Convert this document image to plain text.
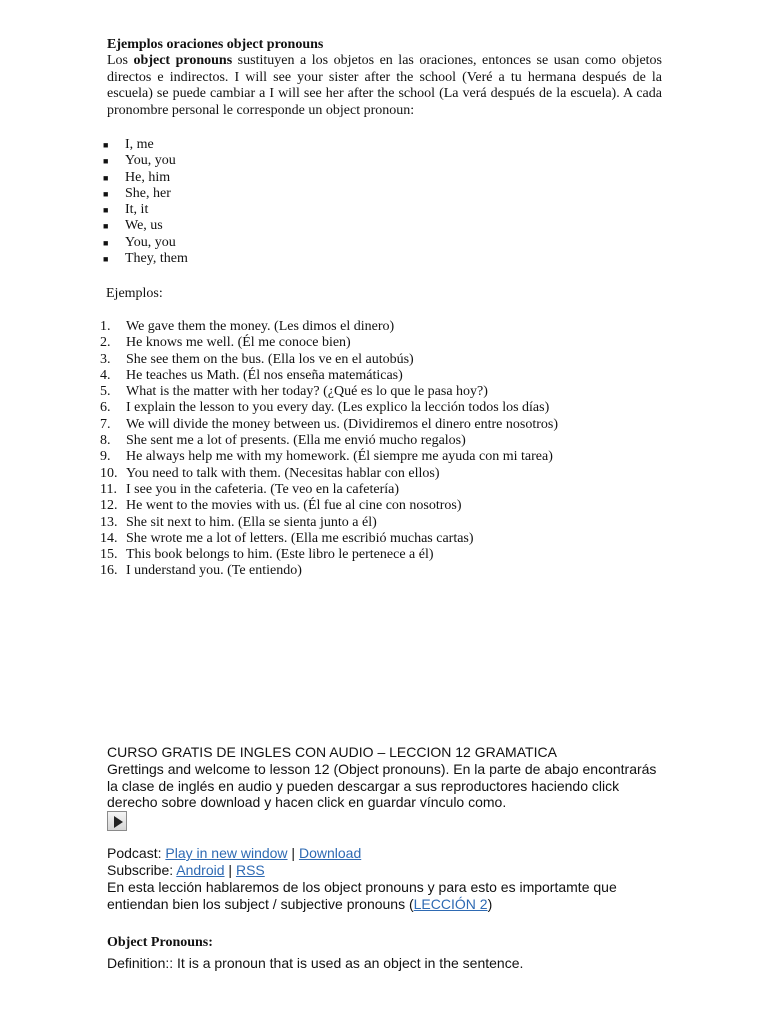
Ejemplos oraciones object pronouns
Los object pronouns sustituyen a los objetos en las oraciones, entonces se usan como objetos directos e indirectos. I will see your sister after the school (Veré a tu hermana después de la escuela) se puede cambiar a I will see her after the school (La verá después de la escuela). A cada pronombre personal le corresponde un object pronoun:
■ I, me
■ You, you
■ He, him
■ She, her
■ It, it
■ We, us
■ You, you
■ They, them
Ejemplos:
1.	We gave them the money. (Les dimos el dinero)
2.	He knows me well. (Él me conoce bien)
3.	She see them on the bus. (Ella los ve en el autobús)
4.	He teaches us Math. (Él nos enseña matemáticas)
5.	What is the matter with her today? (¿Qué es lo que le pasa hoy?)
6.	I explain the lesson to you every day. (Les explico la lección todos los días)
7.	We will divide the money between us. (Dividiremos el dinero entre nosotros)
8.	She sent me a lot of presents. (Ella me envió mucho regalos)
9.	He always help me with my homework. (Él siempre me ayuda con mi tarea)
10. You need to talk with them. (Necesitas hablar con ellos)
11. I see you in the cafeteria. (Te veo en la cafetería)
12. He went to the movies with us. (Él fue al cine con nosotros)
13. She sit next to him. (Ella se sienta junto a él)
14. She wrote me a lot of letters. (Ella me escribió muchas cartas)
15. This book belongs to him. (Este libro le pertenece a él)
16. I understand you. (Te entiendo)
CURSO GRATIS DE INGLES CON AUDIO – LECCION 12 GRAMATICA
Grettings and welcome to lesson 12 (Object pronouns). En la parte de abajo encontrarás la clase de inglés en audio y pueden descargar a sus reproductores haciendo click derecho sobre download y hacen click en guardar vínculo como.
Podcast: Play in new window | Download
Subscribe: Android | RSS
En esta lección hablaremos de los object pronouns y para esto es importamte que entiendan bien los subject / subjective pronouns (LECCIÓN 2)
Object Pronouns:
Definition:: It is a pronoun that is used as an object in the sentence.
